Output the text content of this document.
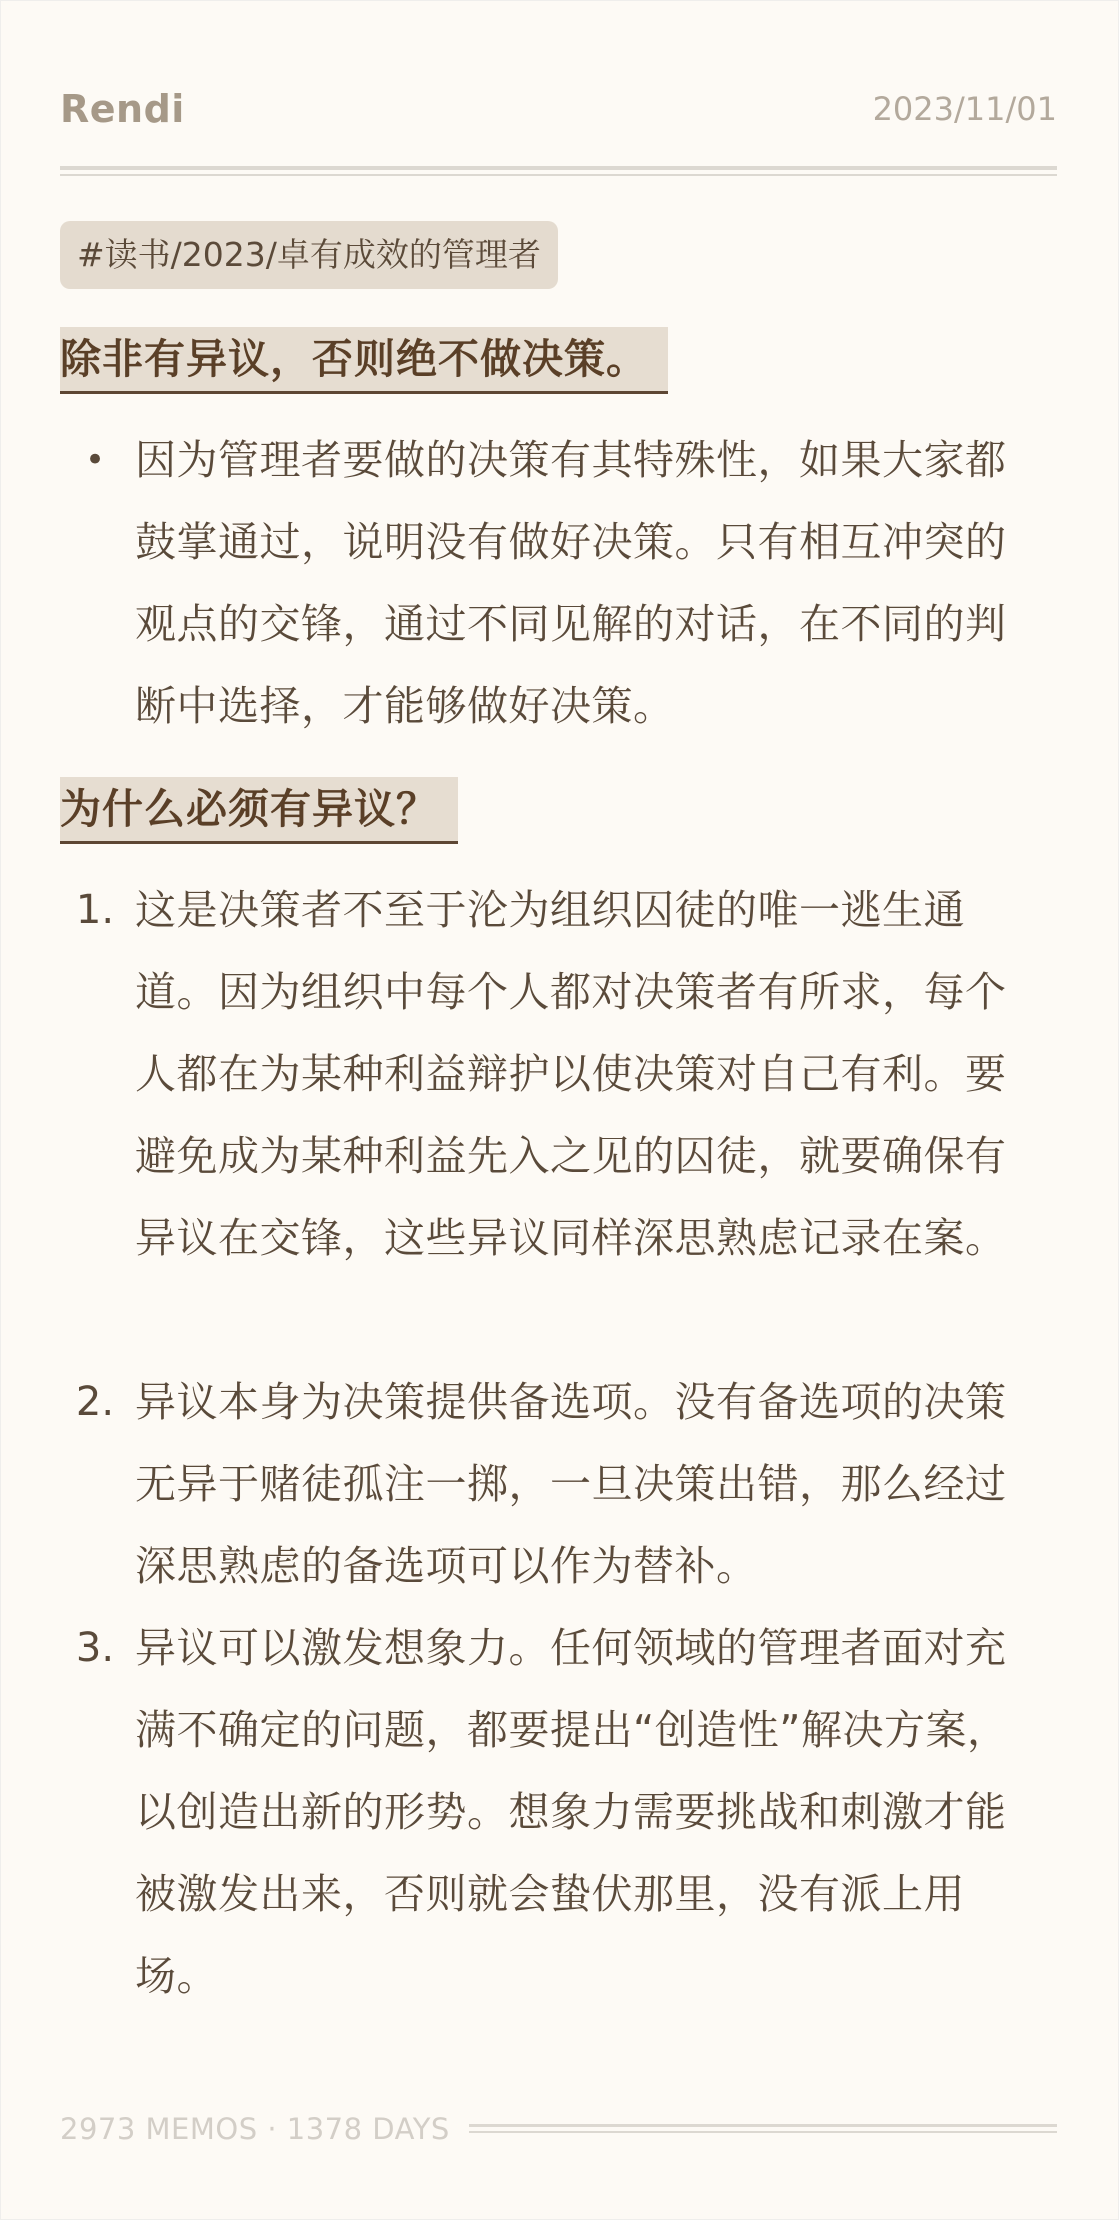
Rendi	2023/11/01
#读书/2023/卓有成效的管理者
除非有异议，否则绝不做决策。
• 因为管理者要做的决策有其特殊性，如果大家都鼓掌通过，说明没有做好决策。只有相互冲突的观点的交锋，通过不同见解的对话，在不同的判断中选择，才能够做好决策。
为什么必须有异议？
1. 这是决策者不至于沦为组织囚徒的唯一逃生通道。因为组织中每个人都对决策者有所求，每个人都在为某种利益辩护以使决策对自己有利。要避免成为某种利益先入之见的囚徒，就要确保有异议在交锋，这些异议同样深思熟虑记录在案。
2. 异议本身为决策提供备选项。没有备选项的决策无异于赌徒孤注一掷，一旦决策出错，那么经过深思熟虑的备选项可以作为替补。
3. 异议可以激发想象力。任何领域的管理者面对充满不确定的问题，都要提出“创造性”解决方案，以创造出新的形势。想象力需要挑战和刺激才能被激发出来，否则就会蛰伏那里，没有派上用场。
2973 MEMOS · 1378 DAYS
